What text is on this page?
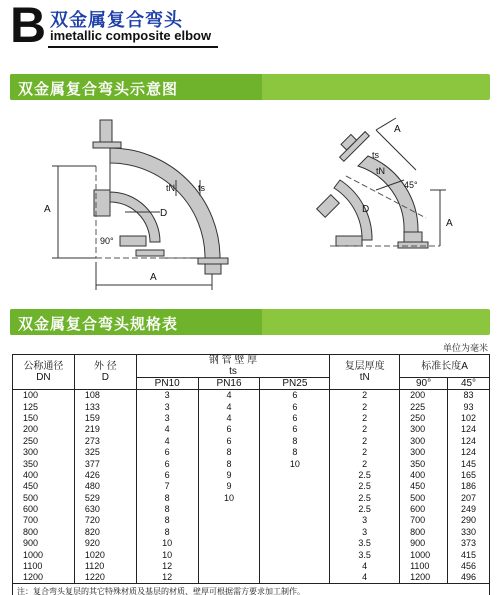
B 双金属复合弯头
imetallic composite elbow
双金属复合弯头示意图
A
A
tN	ts
D
90°
A
A
ts
tN
D
45°
双金属复合弯头规格表
单位为毫米
公称通径
DN	外 径
D	钢 管 壁 厚
ts			复层厚度
tN	标准长度A	
		PN10	PN16	PN25		90°	45°
100	108	3	4	6	2	200	83
125	133	3	4	6	2	225	93
150	159	3	4	6	2	250	102
200	219	4	6	6	2	300	124
250	273	4	6	8	2	300	124
300	325	6	8	8	2	300	124
350	377	6	8	10	2	350	145
400	426	6	9		2.5	400	165
450	480	7	9		2.5	450	186
500	529	8	10		2.5	500	207
600	630	8			2.5	600	249
700	720	8			3	700	290
800	820	8			3	800	330
900	920	10			3.5	900	373
1000	1020	10			3.5	1000	415
1100	1120	12			4	1100	456
1200	1220	12			4	1200	496
注：复合弯头复层的其它特殊材质及基层的材质、壁厚可根据需方要求加工制作。							
